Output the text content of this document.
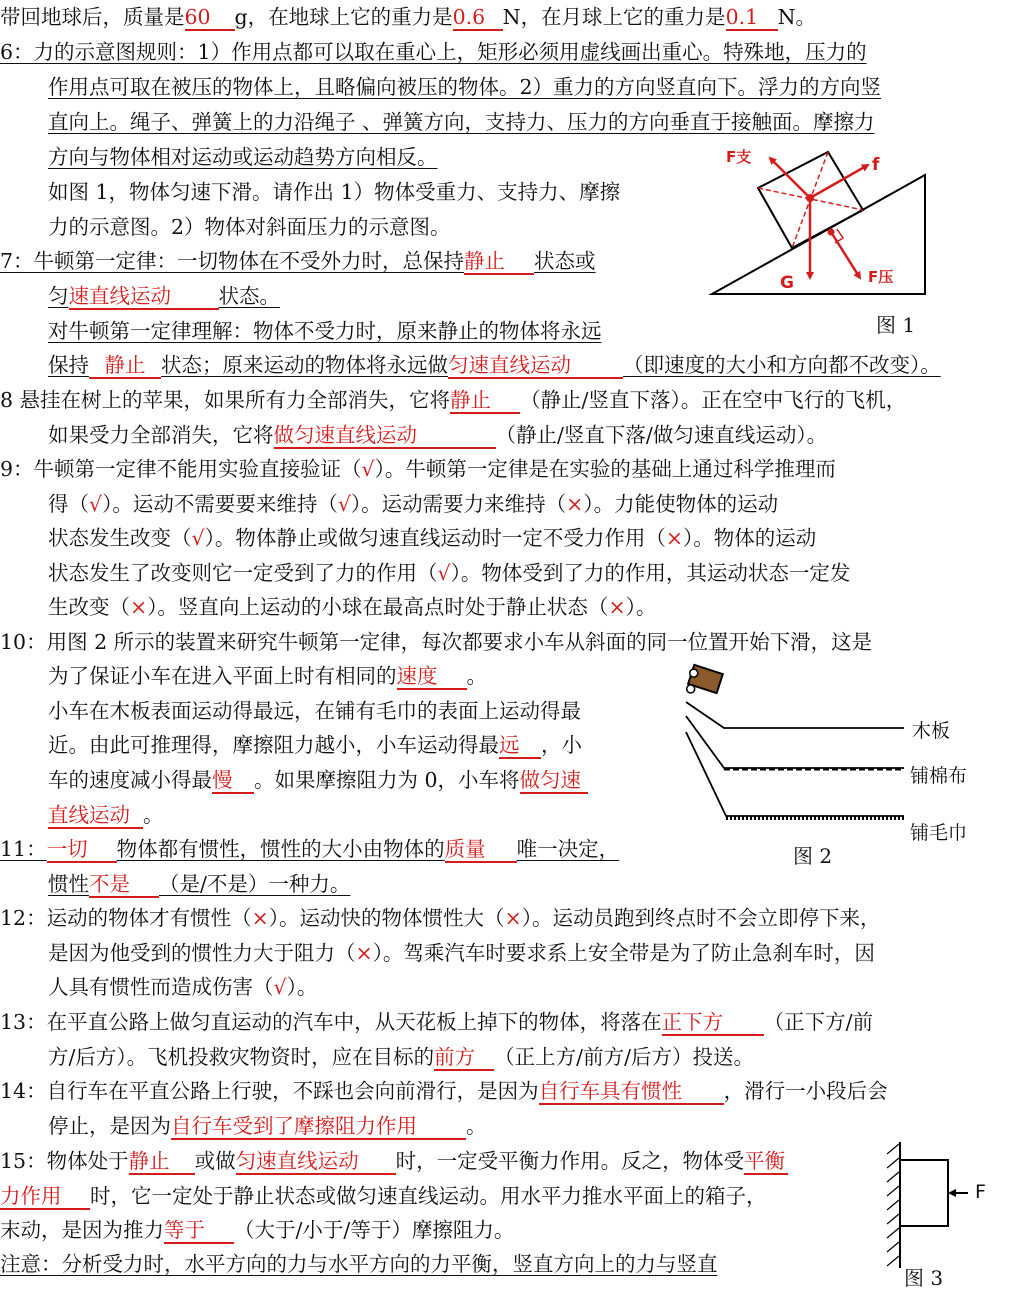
带回地球后，质量是60 g，在地球上它的重力是0.6 N，在月球上它的重力是0.1 N。
6：力的示意图规则：1）作用点都可以取在重心上，矩形必须用虚线画出重心。特殊地，压力的
作用点可取在被压的物体上，且略偏向被压的物体。2）重力的方向竖直向下。浮力的方向竖
直向上。绳子、弹簧上的力沿绳子 、弹簧方向，支持力、压力的方向垂直于接触面。摩擦力
方向与物体相对运动或运动趋势方向相反。
如图 1，物体匀速下滑。请作出 1）物体受重力、支持力、摩擦
力的示意图。2）物体对斜面压力的示意图。
7：牛顿第一定律：一切物体在不受外力时，总保持静止 状态或
匀速直线运动 状态。
对牛顿第一定律理解：物体不受力时，原来静止的物体将永远
保持 静止 状态；原来运动的物体将永远做匀速直线运动	（即速度的大小和方向都不改变）。
8 悬挂在树上的苹果，如果所有力全部消失，它将静止 （静止/竖直下落）。正在空中飞行的飞机，
如果受力全部消失，它将做匀速直线运动	（静止/竖直下落/做匀速直线运动）。
9：牛顿第一定律不能用实验直接验证（√）。牛顿第一定律是在实验的基础上通过科学推理而
得（√）。运动不需要要来维持（√）。运动需要力来维持（×）。力能使物体的运动
状态发生改变（√）。物体静止或做匀速直线运动时一定不受力作用（×）。物体的运动
状态发生了改变则它一定受到了力的作用（√）。物体受到了力的作用，其运动状态一定发
生改变（×）。竖直向上运动的小球在最高点时处于静止状态（×）。
10：用图 2 所示的装置来研究牛顿第一定律，每次都要求小车从斜面的同一位置开始下滑，这是
为了保证小车在进入平面上时有相同的速度 。
小车在木板表面运动得最远，在铺有毛巾的表面上运动得最
近。由此可推理得，摩擦阻力越小，小车运动得最远 ，小
车的速度减小得最慢 。如果摩擦阻力为 0，小车将做匀速
直线运动 。
11：一切 物体都有惯性，惯性的大小由物体的质量 唯一决定，
惯性不是 （是/不是）一种力。
12：运动的物体才有惯性（×）。运动快的物体惯性大（×）。运动员跑到终点时不会立即停下来，
是因为他受到的惯性力大于阻力（×）。驾乘汽车时要求系上安全带是为了防止急刹车时，因
人具有惯性而造成伤害（√）。
13：在平直公路上做匀直运动的汽车中，从天花板上掉下的物体，将落在正下方 （正下方/前
方/后方）。飞机投救灾物资时，应在目标的前方 （正上方/前方/后方）投送。
14：自行车在平直公路上行驶，不踩也会向前滑行，是因为自行车具有惯性 ，滑行一小段后会
停止，是因为自行车受到了摩擦阻力作用 。
15：物体处于静止 或做匀速直线运动 时，一定受平衡力作用。反之，物体受平衡
力作用 时，它一定处于静止状态或做匀速直线运动。用水平力推水平面上的箱子，
末动，是因为推力等于 （大于/小于/等于）摩擦阻力。
注意：分析受力时，水平方向的力与水平方向的力平衡，竖直方向上的力与竖直
F支	f
G	F压
图 1
木板
铺棉布
铺毛巾
图 2
F
图 3
